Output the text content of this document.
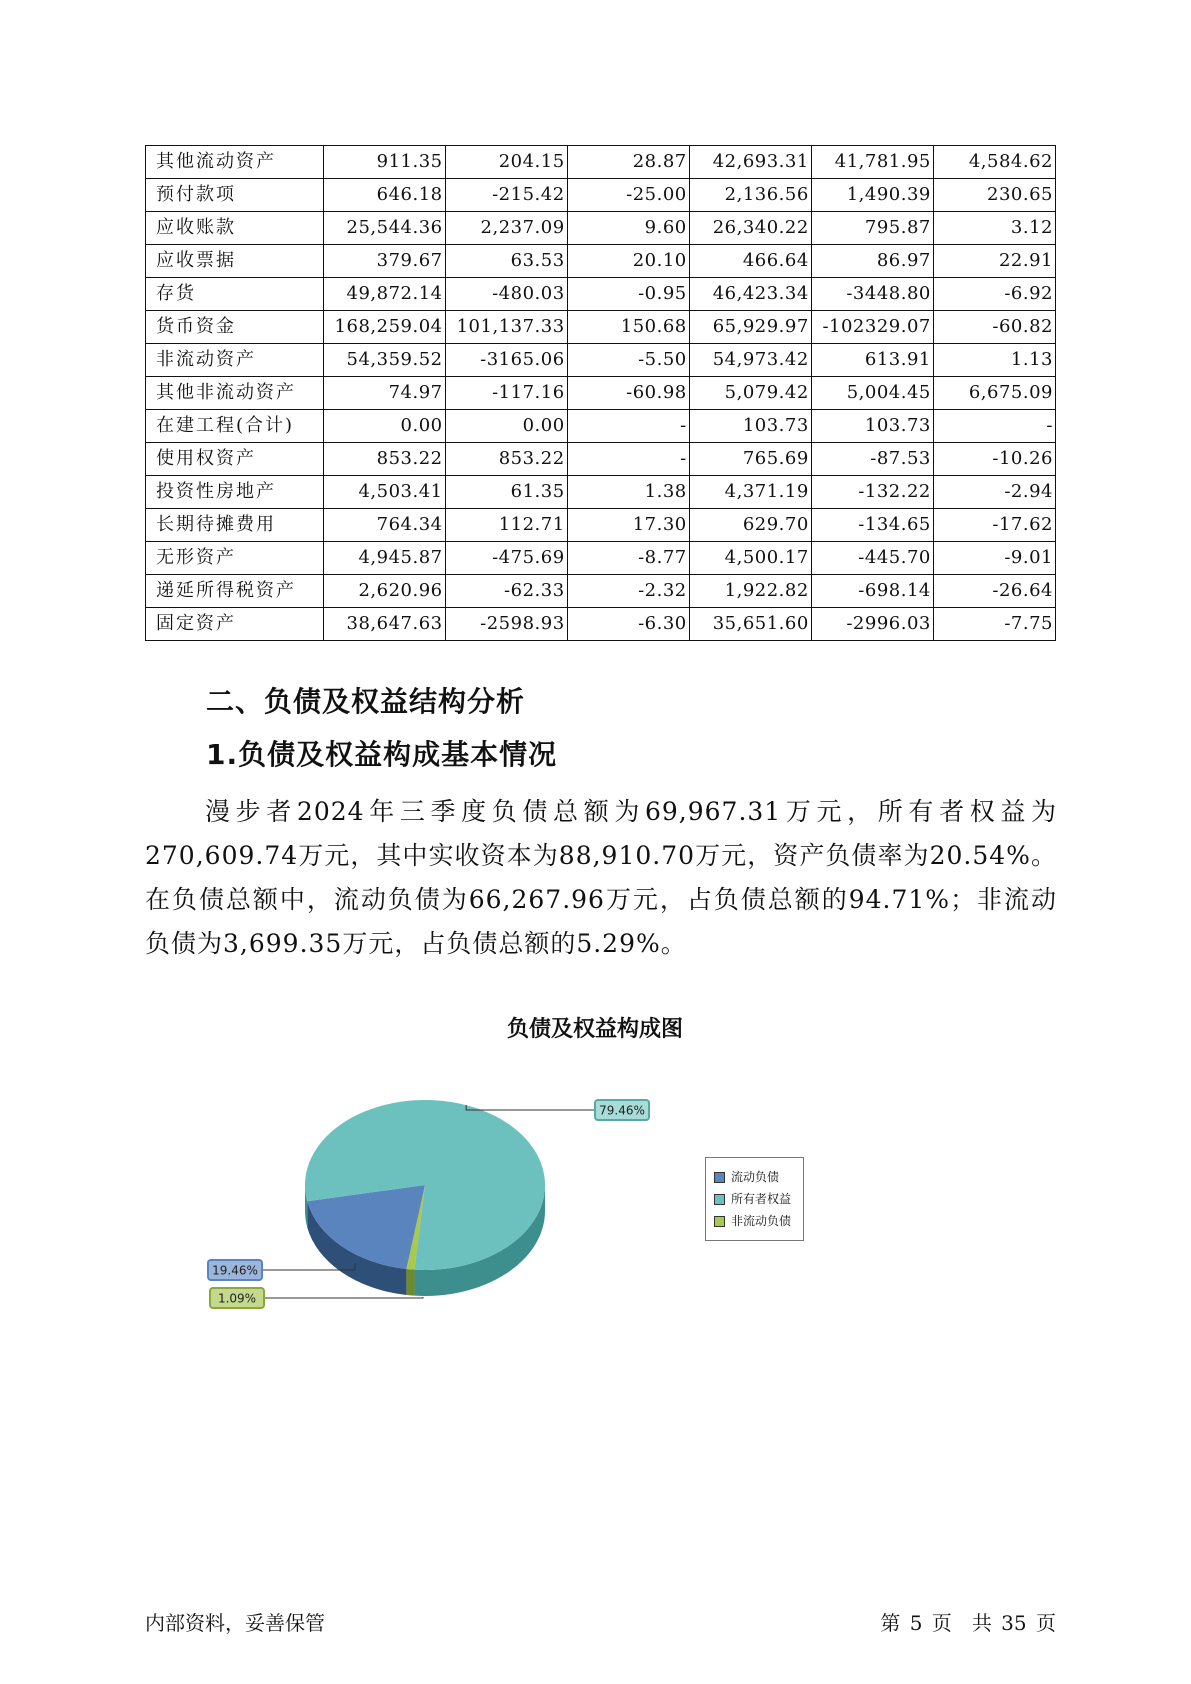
其他流动资产	911.35	204.15	28.87	42,693.31	41,781.95	4,584.62
预付款项	646.18	-215.42	-25.00	2,136.56	1,490.39	230.65
应收账款	25,544.36	2,237.09	9.60	26,340.22	795.87	3.12
应收票据	379.67	63.53	20.10	466.64	86.97	22.91
存货	49,872.14	-480.03	-0.95	46,423.34	-3448.80	-6.92
货币资金	168,259.04	101,137.33	150.68	65,929.97	-102329.07	-60.82
非流动资产	54,359.52	-3165.06	-5.50	54,973.42	613.91	1.13
其他非流动资产	74.97	-117.16	-60.98	5,079.42	5,004.45	6,675.09
在建工程(合计)	0.00	0.00	-	103.73	103.73	-
使用权资产	853.22	853.22	-	765.69	-87.53	-10.26
投资性房地产	4,503.41	61.35	1.38	4,371.19	-132.22	-2.94
长期待摊费用	764.34	112.71	17.30	629.70	-134.65	-17.62
无形资产	4,945.87	-475.69	-8.77	4,500.17	-445.70	-9.01
递延所得税资产	2,620.96	-62.33	-2.32	1,922.82	-698.14	-26.64
固定资产	38,647.63	-2598.93	-6.30	35,651.60	-2996.03	-7.75
二、负债及权益结构分析
1.负债及权益构成基本情况

漫步者2024年三季度负债总额为69,967.31万元，所有者权益为270,609.74万元，其中实收资本为88,910.70万元，资产负债率为20.54%。在负债总额中，流动负债为66,267.96万元，占负债总额的94.71%；非流动负债为3,699.35万元，占负债总额的5.29%。

负债及权益构成图

79.46%
19.46%
1.09%
流动负债
所有者权益
非流动负债

内部资料，妥善保管	第 5 页　共 35 页
